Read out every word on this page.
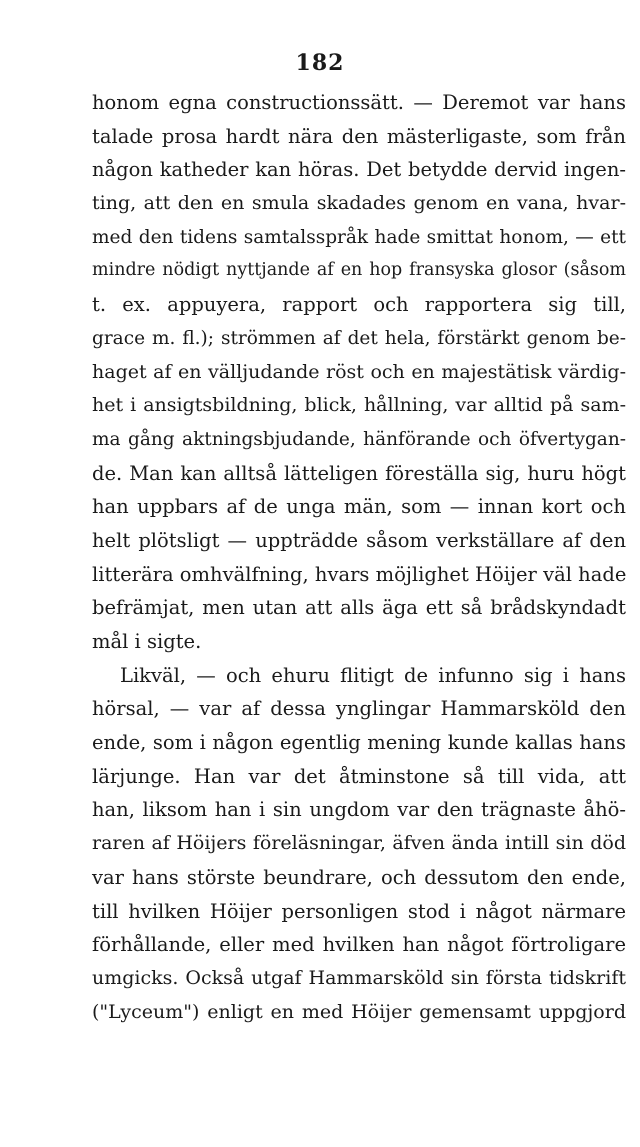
182
honom egna constructionssätt. — Deremot var hans
talade prosa hardt nära den mästerligaste, som från
någon katheder kan höras. Det betydde dervid ingen-
ting, att den en smula skadades genom en vana, hvar-
med den tidens samtalsspråk hade smittat honom, — ett
mindre nödigt nyttjande af en hop fransyska glosor (såsom
t. ex. appuyera, rapport och rapportera sig till,
grace m. fl.); strömmen af det hela, förstärkt genom be-
haget af en välljudande röst och en majestätisk värdig-
het i ansigtsbildning, blick, hållning, var alltid på sam-
ma gång aktningsbjudande, hänförande och öfvertygan-
de. Man kan alltså lätteligen föreställa sig, huru högt
han uppbars af de unga män, som — innan kort och
helt plötsligt — uppträdde såsom verkställare af den
litterära omhvälfning, hvars möjlighet Höijer väl hade
befrämjat, men utan att alls äga ett så brådskyndadt
mål i sigte.
Likväl, — och ehuru flitigt de infunno sig i hans
hörsal, — var af dessa ynglingar Hammarsköld den
ende, som i någon egentlig mening kunde kallas hans
lärjunge. Han var det åtminstone så till vida, att
han, liksom han i sin ungdom var den trägnaste åhö-
raren af Höijers föreläsningar, äfven ända intill sin död
var hans störste beundrare, och dessutom den ende,
till hvilken Höijer personligen stod i något närmare
förhållande, eller med hvilken han något förtroligare
umgicks. Också utgaf Hammarsköld sin första tidskrift
("Lyceum") enligt en med Höijer gemensamt uppgjord
